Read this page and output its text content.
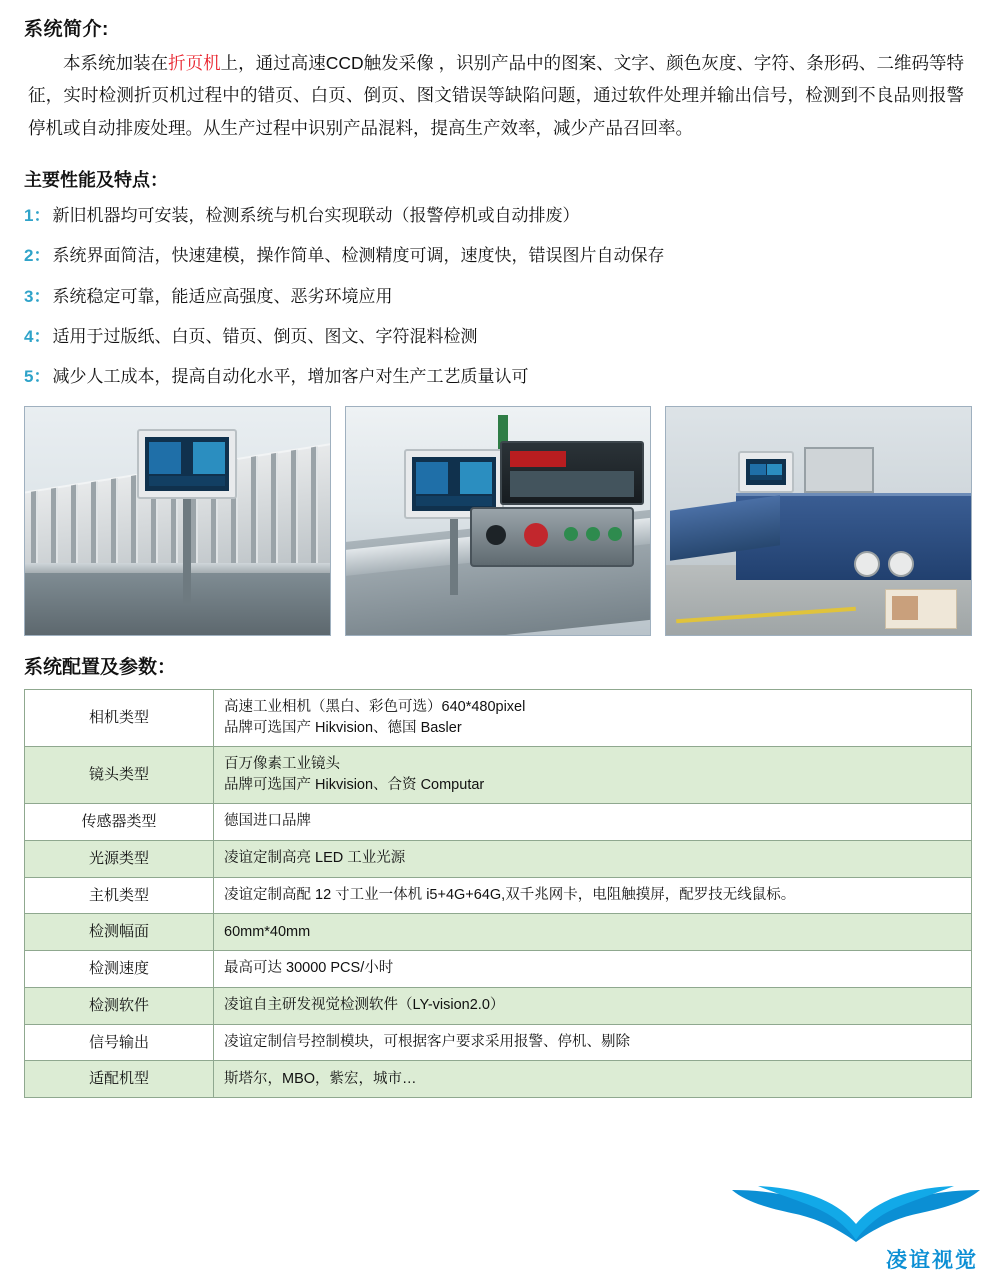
系统简介:

本系统加装在折页机上，通过高速CCD触发采像 ，识别产品中的图案、文字、颜色灰度、字符、条形码、二维码等特征，实时检测折页机过程中的错页、白页、倒页、图文错误等缺陷问题，通过软件处理并输出信号，检测到不良品则报警停机或自动排废处理。从生产过程中识别产品混料，提高生产效率，减少产品召回率。

主要性能及特点：
1： 新旧机器均可安装，检测系统与机台实现联动（报警停机或自动排废）
2： 系统界面简洁，快速建模，操作简单、检测精度可调，速度快，错误图片自动保存
3： 系统稳定可靠，能适应高强度、恶劣环境应用
4： 适用于过版纸、白页、错页、倒页、图文、字符混料检测
5： 减少人工成本，提高自动化水平，增加客户对生产工艺质量认可
系统配置及参数：
相机类型	高速工业相机（黑白、彩色可选）640*480pixel
品牌可选国产 Hikvision、德国 Basler

镜头类型	百万像素工业镜头
品牌可选国产 Hikvision、合资 Computar

传感器类型	德国进口品牌
光源类型	凌谊定制高亮 LED 工业光源
主机类型	凌谊定制高配 12 寸工业一体机 i5+4G+64G,双千兆网卡，电阻触摸屏，配罗技无线鼠标。
检测幅面	60mm*40mm
检测速度	最高可达 30000 PCS/小时
检测软件	凌谊自主研发视觉检测软件（LY-vision2.0）
信号输出	凌谊定制信号控制模块，可根据客户要求采用报警、停机、剔除
适配机型	斯塔尔，MBO，紫宏，城市…
凌谊视觉
